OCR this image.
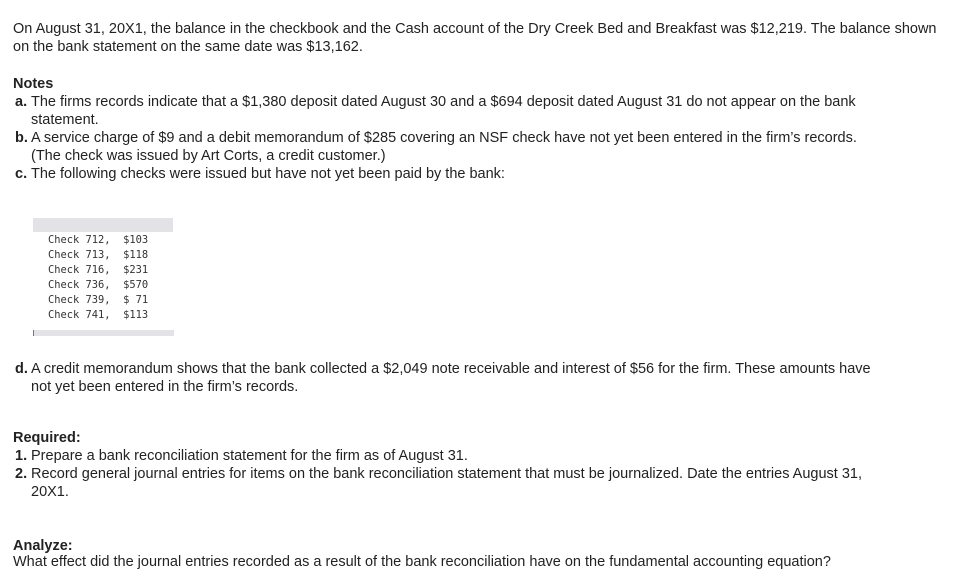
On August 31, 20X1, the balance in the checkbook and the Cash account of the Dry Creek Bed and Breakfast was $12,219. The balance shown on the bank statement on the same date was $13,162.
Notes
a. The firms records indicate that a $1,380 deposit dated August 30 and a $694 deposit dated August 31 do not appear on the bank
statement.
b. A service charge of $9 and a debit memorandum of $285 covering an NSF check have not yet been entered in the firm’s records.
(The check was issued by Art Corts, a credit customer.)
c. The following checks were issued but have not yet been paid by the bank:
Check 712, $103
Check 713, $118
Check 716, $231
Check 736, $570
Check 739, $ 71
Check 741, $113
d. A credit memorandum shows that the bank collected a $2,049 note receivable and interest of $56 for the firm. These amounts have
not yet been entered in the firm’s records.
Required:
1. Prepare a bank reconciliation statement for the firm as of August 31.
2. Record general journal entries for items on the bank reconciliation statement that must be journalized. Date the entries August 31,
20X1.
Analyze:
What effect did the journal entries recorded as a result of the bank reconciliation have on the fundamental accounting equation?
